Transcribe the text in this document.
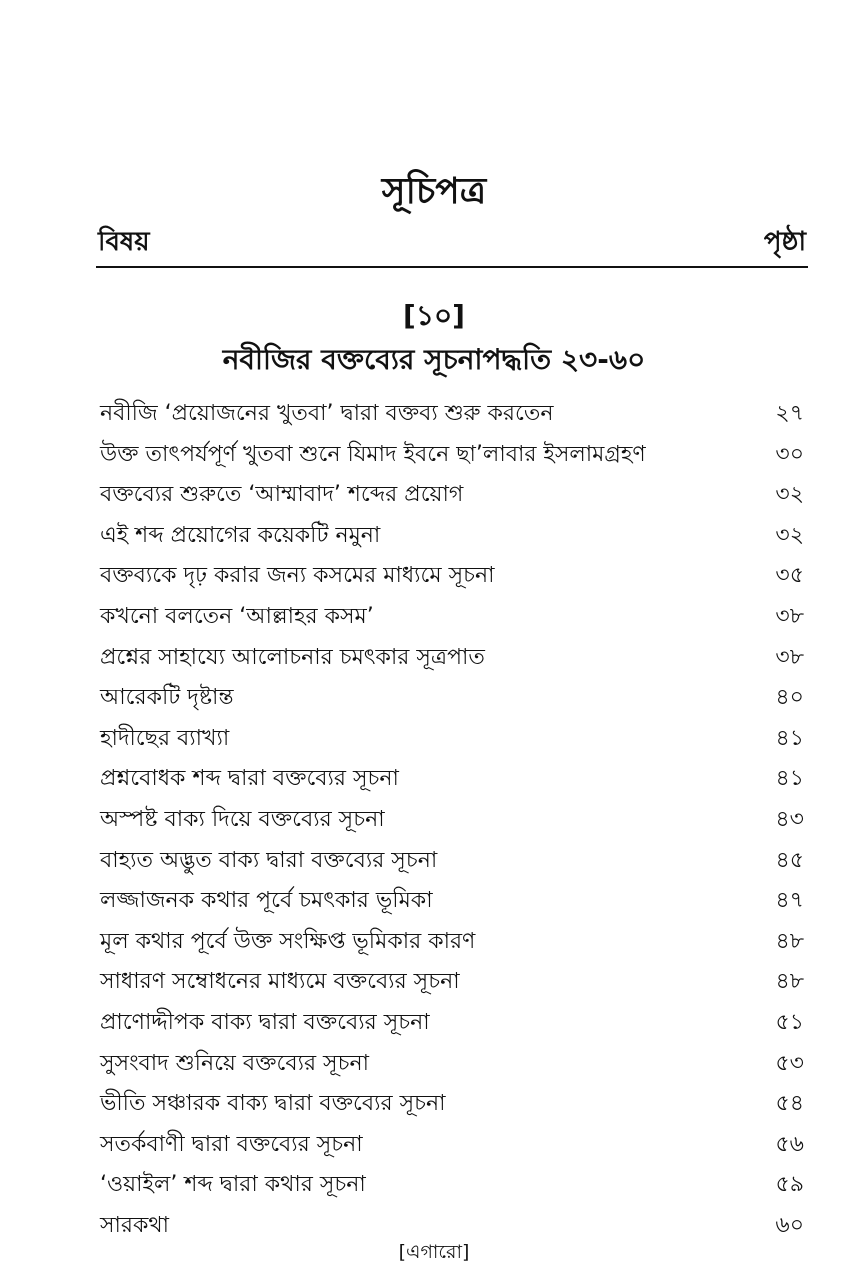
সূচিপত্র
বিষয়	পৃষ্ঠা
[১০]
নবীজির বক্তব্যের সূচনাপদ্ধতি ২৩-৬০
নবীজি ‘প্রয়োজনের খুতবা’ দ্বারা বক্তব্য শুরু করতেন	২৭
উক্ত তাৎপর্যপূর্ণ খুতবা শুনে যিমাদ ইবনে ছা’লাবার ইসলামগ্রহণ	৩০
বক্তব্যের শুরুতে ‘আম্মাবাদ’ শব্দের প্রয়োগ	৩২
এই শব্দ প্রয়োগের কয়েকটি নমুনা	৩২
বক্তব্যকে দৃঢ় করার জন্য কসমের মাধ্যমে সূচনা	৩৫
কখনো বলতেন ‘আল্লাহর কসম’	৩৮
প্রশ্নের সাহায্যে আলোচনার চমৎকার সূত্রপাত	৩৮
আরেকটি দৃষ্টান্ত	৪০
হাদীছের ব্যাখ্যা	৪১
প্রশ্নবোধক শব্দ দ্বারা বক্তব্যের সূচনা	৪১
অস্পষ্ট বাক্য দিয়ে বক্তব্যের সূচনা	৪৩
বাহ্যত অদ্ভুত বাক্য দ্বারা বক্তব্যের সূচনা	৪৫
লজ্জাজনক কথার পূর্বে চমৎকার ভূমিকা	৪৭
মূল কথার পূর্বে উক্ত সংক্ষিপ্ত ভূমিকার কারণ	৪৮
সাধারণ সম্বোধনের মাধ্যমে বক্তব্যের সূচনা	৪৮
প্রাণোদ্দীপক বাক্য দ্বারা বক্তব্যের সূচনা	৫১
সুসংবাদ শুনিয়ে বক্তব্যের সূচনা	৫৩
ভীতি সঞ্চারক বাক্য দ্বারা বক্তব্যের সূচনা	৫৪
সতর্কবাণী দ্বারা বক্তব্যের সূচনা	৫৬
‘ওয়াইল’ শব্দ দ্বারা কথার সূচনা	৫৯
সারকথা	৬০
[এগারো]
